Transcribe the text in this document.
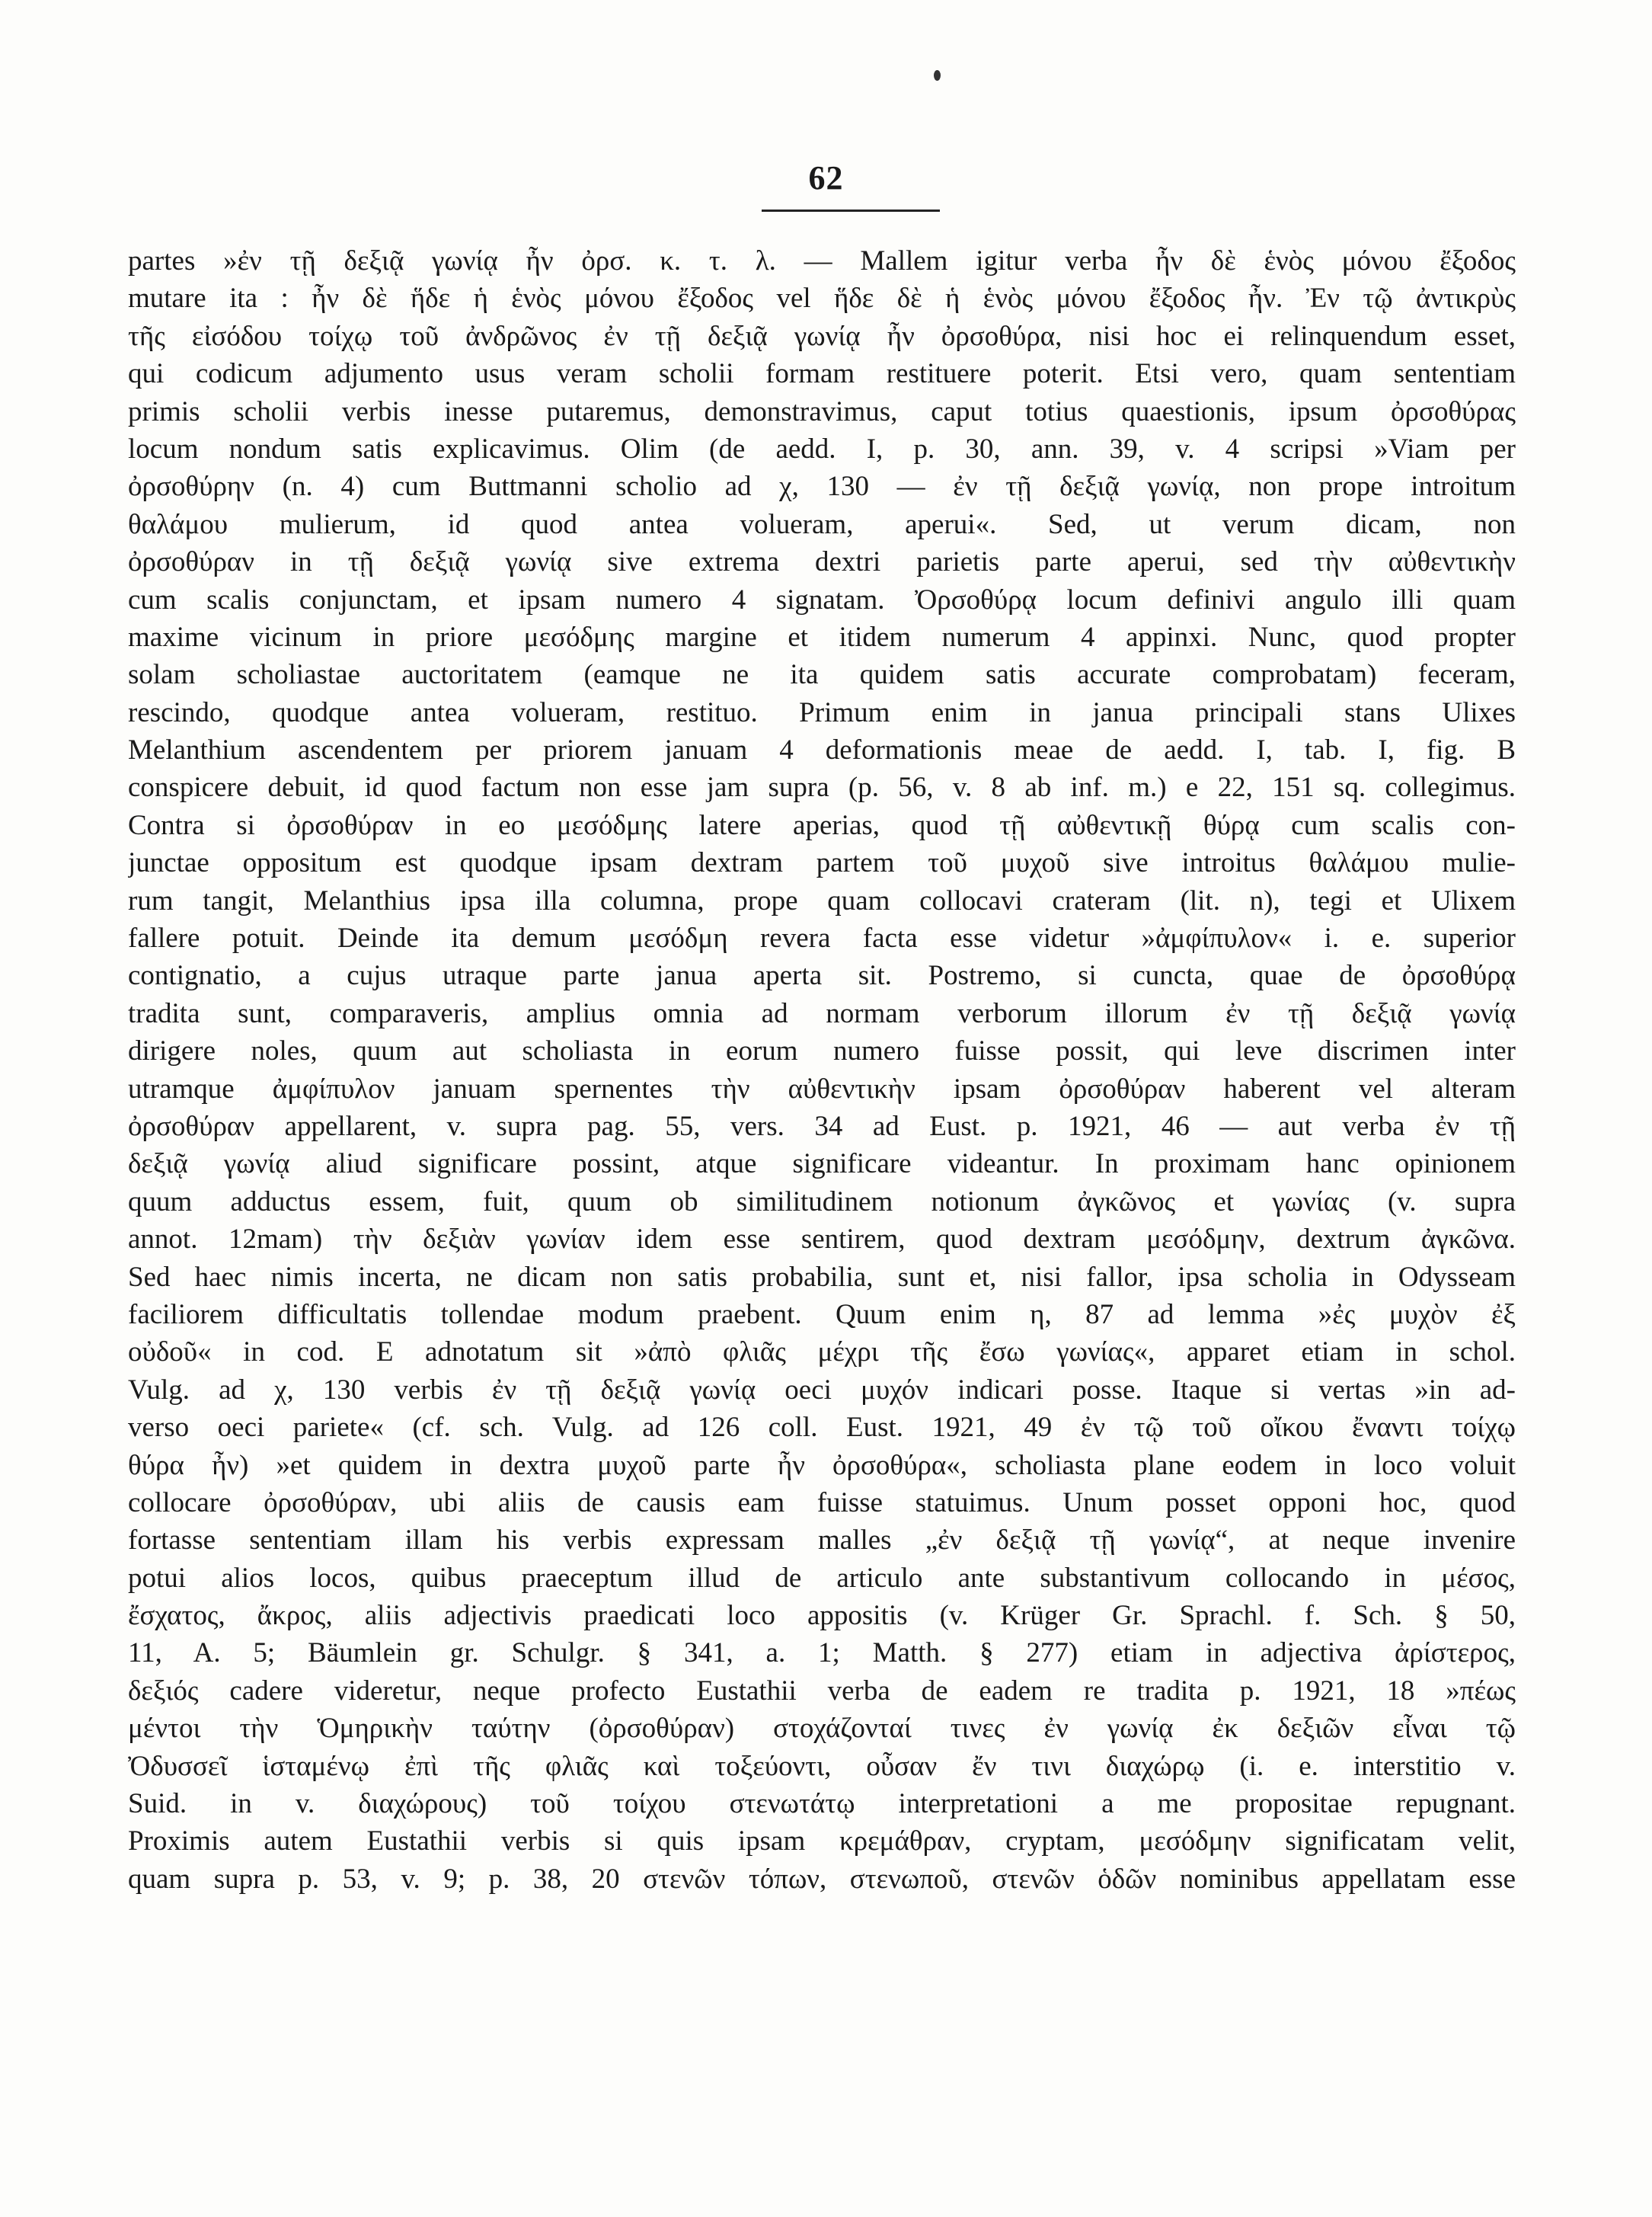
62
partes »ἐν τῇ δεξιᾷ γωνίᾳ ἦν ὀρσ. κ. τ. λ. — Mallem igitur verba ἦν δὲ ἑνὸς μόνου ἔξοδος
mutare ita : ἦν δὲ ἥδε ἡ ἑνὸς μόνου ἔξοδος vel ἥδε δὲ ἡ ἑνὸς μόνου ἔξοδος ἦν. Ἐν τῷ ἀντικρὺς
τῆς εἰσόδου τοίχῳ τοῦ ἀνδρῶνος ἐν τῇ δεξιᾷ γωνίᾳ ἦν ὀρσοθύρα, nisi hoc ei relinquendum esset,
qui codicum adjumento usus veram scholii formam restituere poterit. Etsi vero, quam sententiam
primis scholii verbis inesse putaremus, demonstravimus, caput totius quaestionis, ipsum ὀρσοθύρας
locum nondum satis explicavimus. Olim (de aedd. I, p. 30, ann. 39, v. 4 scripsi »Viam per
ὀρσοθύρην (n. 4) cum Buttmanni scholio ad χ, 130 — ἐν τῇ δεξιᾷ γωνίᾳ, non prope introitum
θαλάμου mulierum, id quod antea volueram, aperui«. Sed, ut verum dicam, non
ὀρσοθύραν in τῇ δεξιᾷ γωνίᾳ sive extrema dextri parietis parte aperui, sed τὴν αὐθεντικὴν
cum scalis conjunctam, et ipsam numero 4 signatam. Ὀρσοθύρᾳ locum definivi angulo illi quam
maxime vicinum in priore μεσόδμης margine et itidem numerum 4 appinxi. Nunc, quod propter
solam scholiastae auctoritatem (eamque ne ita quidem satis accurate comprobatam) feceram,
rescindo, quodque antea volueram, restituo. Primum enim in janua principali stans Ulixes
Melanthium ascendentem per priorem januam 4 deformationis meae de aedd. I, tab. I, fig. B
conspicere debuit, id quod factum non esse jam supra (p. 56, v. 8 ab inf. m.) e 22, 151 sq. collegimus.
Contra si ὀρσοθύραν in eo μεσόδμης latere aperias, quod τῇ αὐθεντικῇ θύρᾳ cum scalis con-
junctae oppositum est quodque ipsam dextram partem τοῦ μυχοῦ sive introitus θαλάμου mulie-
rum tangit, Melanthius ipsa illa columna, prope quam collocavi crateram (lit. n), tegi et Ulixem
fallere potuit. Deinde ita demum μεσόδμη revera facta esse videtur »ἀμφίπυλον« i. e. superior
contignatio, a cujus utraque parte janua aperta sit. Postremo, si cuncta, quae de ὀρσοθύρᾳ
tradita sunt, comparaveris, amplius omnia ad normam verborum illorum ἐν τῇ δεξιᾷ γωνίᾳ
dirigere noles, quum aut scholiasta in eorum numero fuisse possit, qui leve discrimen inter
utramque ἀμφίπυλον januam spernentes τὴν αὐθεντικὴν ipsam ὀρσοθύραν haberent vel alteram
ὀρσοθύραν appellarent, v. supra pag. 55, vers. 34 ad Eust. p. 1921, 46 — aut verba ἐν τῇ
δεξιᾷ γωνίᾳ aliud significare possint, atque significare videantur. In proximam hanc opinionem
quum adductus essem, fuit, quum ob similitudinem notionum ἀγκῶνος et γωνίας (v. supra
annot. 12mam) τὴν δεξιὰν γωνίαν idem esse sentirem, quod dextram μεσόδμην, dextrum ἀγκῶνα.
Sed haec nimis incerta, ne dicam non satis probabilia, sunt et, nisi fallor, ipsa scholia in Odysseam
faciliorem difficultatis tollendae modum praebent. Quum enim η, 87 ad lemma »ἐς μυχὸν ἐξ
οὐδοῦ« in cod. E adnotatum sit »ἀπὸ φλιᾶς μέχρι τῆς ἔσω γωνίας«, apparet etiam in schol.
Vulg. ad χ, 130 verbis ἐν τῇ δεξιᾷ γωνίᾳ oeci μυχόν indicari posse. Itaque si vertas »in ad-
verso oeci pariete« (cf. sch. Vulg. ad 126 coll. Eust. 1921, 49 ἐν τῷ τοῦ οἴκου ἔναντι τοίχῳ
θύρα ἦν) »et quidem in dextra μυχοῦ parte ἦν ὀρσοθύρα«, scholiasta plane eodem in loco voluit
collocare ὀρσοθύραν, ubi aliis de causis eam fuisse statuimus. Unum posset opponi hoc, quod
fortasse sententiam illam his verbis expressam malles „ἐν δεξιᾷ τῇ γωνίᾳ“, at neque invenire
potui alios locos, quibus praeceptum illud de articulo ante substantivum collocando in μέσος,
ἔσχατος, ἄκρος, aliis adjectivis praedicati loco appositis (v. Krüger Gr. Sprachl. f. Sch. § 50,
11, A. 5; Bäumlein gr. Schulgr. § 341, a. 1; Matth. § 277) etiam in adjectiva ἀρίστερος,
δεξιός cadere videretur, neque profecto Eustathii verba de eadem re tradita p. 1921, 18 »πέως
μέντοι τὴν Ὁμηρικὴν ταύτην (ὀρσοθύραν) στοχάζονταί τινες ἐν γωνίᾳ ἐκ δεξιῶν εἶναι τῷ
Ὀδυσσεῖ ἱσταμένῳ ἐπὶ τῆς φλιᾶς καὶ τοξεύοντι, οὖσαν ἔν τινι διαχώρῳ (i. e. interstitio v.
Suid. in v. διαχώρους) τοῦ τοίχου στενωτάτῳ interpretationi a me propositae repugnant.
Proximis autem Eustathii verbis si quis ipsam κρεμάθραν, cryptam, μεσόδμην significatam velit,
quam supra p. 53, v. 9; p. 38, 20 στενῶν τόπων, στενωποῦ, στενῶν ὁδῶν nominibus appellatam esse
